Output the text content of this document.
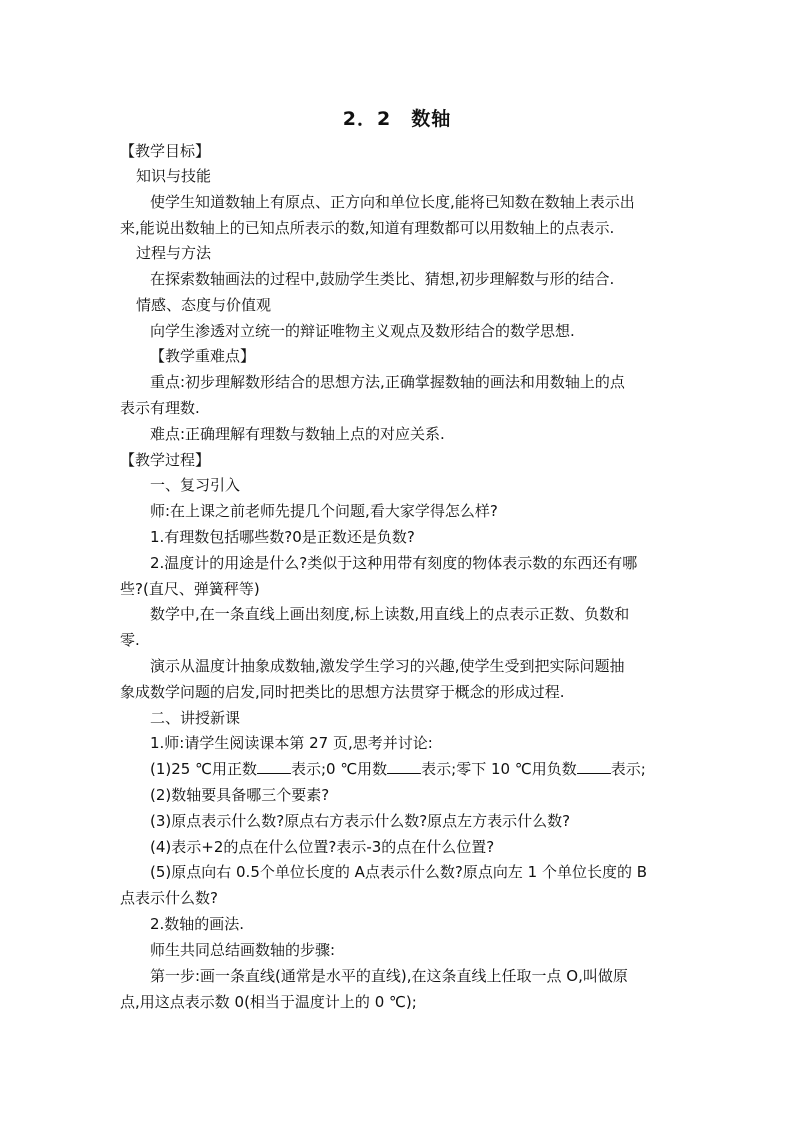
2．2　数轴
【教学目标】
知识与技能
使学生知道数轴上有原点、正方向和单位长度,能将已知数在数轴上表示出
来,能说出数轴上的已知点所表示的数,知道有理数都可以用数轴上的点表示.
过程与方法
在探索数轴画法的过程中,鼓励学生类比、猜想,初步理解数与形的结合.
情感、态度与价值观
向学生渗透对立统一的辩证唯物主义观点及数形结合的数学思想.
【教学重难点】
重点:初步理解数形结合的思想方法,正确掌握数轴的画法和用数轴上的点
表示有理数.
难点:正确理解有理数与数轴上点的对应关系.
【教学过程】
一、复习引入
师:在上课之前老师先提几个问题,看大家学得怎么样?
1.有理数包括哪些数?0是正数还是负数?
2.温度计的用途是什么?类似于这种用带有刻度的物体表示数的东西还有哪
些?(直尺、弹簧秤等)
数学中,在一条直线上画出刻度,标上读数,用直线上的点表示正数、负数和
零.
演示从温度计抽象成数轴,激发学生学习的兴趣,使学生受到把实际问题抽
象成数学问题的启发,同时把类比的思想方法贯穿于概念的形成过程.
二、讲授新课
1.师:请学生阅读课本第 27 页,思考并讨论:
(1)25 ℃用正数 表示;0 ℃用数 表示;零下 10 ℃用负数 表示;
(2)数轴要具备哪三个要素?
(3)原点表示什么数?原点右方表示什么数?原点左方表示什么数?
(4)表示+2的点在什么位置?表示-3的点在什么位置?
(5)原点向右 0.5个单位长度的 A点表示什么数?原点向左 1 个单位长度的 B
点表示什么数?
2.数轴的画法.
师生共同总结画数轴的步骤:
第一步:画一条直线(通常是水平的直线),在这条直线上任取一点 O,叫做原
点,用这点表示数 0(相当于温度计上的 0 ℃);
